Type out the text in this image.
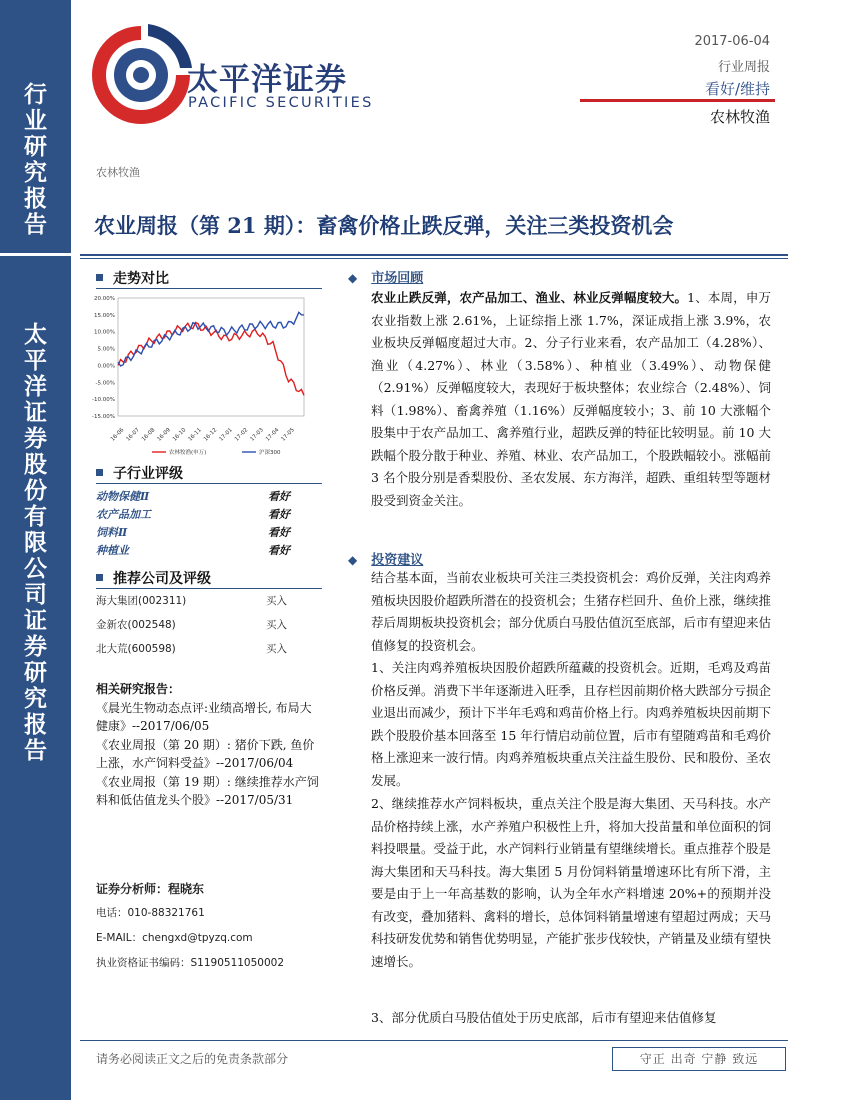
行
业
研
究
报
告
太
平
洋
证
券
股
份
有
限
公
司
证
券
研
究
报
告
太平洋证券
PACIFIC SECURITIES
2017-06-04
行业周报
看好/维持
农林牧渔
农林牧渔
农业周报（第 21 期）：畜禽价格止跌反弹，关注三类投资机会
走势对比
20.00%
15.00%
10.00%
5.00%
0.00%
-5.00%
-10.00%
-15.00%
16-06 16-07 16-08 16-09 16-10 16-11 16-12 17-01 17-02 17-03 17-04 17-05
农林牧渔(申万)	沪深300
子行业评级
动物保健Ⅱ	看好
农产品加工	看好
饲料Ⅱ	看好
种植业	看好
推荐公司及评级
海大集团(002311)	买入
金新农(002548)	买入
北大荒(600598)	买入
相关研究报告：
《晨光生物动态点评:业绩高增长, 布局大健康》--2017/06/05
《农业周报（第 20 期）: 猪价下跌, 鱼价上涨，水产饲料受益》--2017/06/04
《农业周报（第 19 期）: 继续推荐水产饲料和低估值龙头个股》--2017/05/31
证券分析师：程晓东
电话：010-88321761
E-MAIL：chengxd@tpyzq.com
执业资格证书编码：S1190511050002
◆ 市场回顾
农业止跌反弹，农产品加工、渔业、林业反弹幅度较大。1、本周，申万农业指数上涨 2.61%，上证综指上涨 1.7%，深证成指上涨 3.9%，农业板块反弹幅度超过大市。2、分子行业来看，农产品加工（4.28%）、渔业（4.27%）、林业（3.58%）、种植业（3.49%）、动物保健（2.91%）反弹幅度较大，表现好于板块整体；农业综合（2.48%）、饲料（1.98%）、畜禽养殖（1.16%）反弹幅度较小；3、前 10 大涨幅个股集中于农产品加工、禽养殖行业，超跌反弹的特征比较明显。前 10 大跌幅个股分散于种业、养殖、林业、农产品加工，个股跌幅较小。涨幅前 3 名个股分别是香梨股份、圣农发展、东方海洋，超跌、重组转型等题材股受到资金关注。
◆ 投资建议
结合基本面，当前农业板块可关注三类投资机会：鸡价反弹，关注肉鸡养殖板块因股价超跌所潜在的投资机会；生猪存栏回升、鱼价上涨，继续推荐后周期板块投资机会；部分优质白马股估值沉至底部，后市有望迎来估值修复的投资机会。
1、关注肉鸡养殖板块因股价超跌所蕴藏的投资机会。近期，毛鸡及鸡苗价格反弹。消费下半年逐渐进入旺季，且存栏因前期价格大跌部分亏损企业退出而减少，预计下半年毛鸡和鸡苗价格上行。肉鸡养殖板块因前期下跌个股股价基本回落至 15 年行情启动前位置，后市有望随鸡苗和毛鸡价格上涨迎来一波行情。肉鸡养殖板块重点关注益生股份、民和股份、圣农发展。
2、继续推荐水产饲料板块，重点关注个股是海大集团、天马科技。水产品价格持续上涨，水产养殖户积极性上升，将加大投苗量和单位面积的饲料投喂量。受益于此，水产饲料行业销量有望继续增长。重点推荐个股是海大集团和天马科技。海大集团 5 月份饲料销量增速环比有所下滑，主要是由于上一年高基数的影响，认为全年水产料增速 20%+的预期并没有改变，叠加猪料、禽料的增长，总体饲料销量增速有望超过两成；天马科技研发优势和销售优势明显，产能扩张步伐较快，产销量及业绩有望快速增长。
3、部分优质白马股估值处于历史底部，后市有望迎来估值修复
请务必阅读正文之后的免责条款部分	守正 出奇 宁静 致远
